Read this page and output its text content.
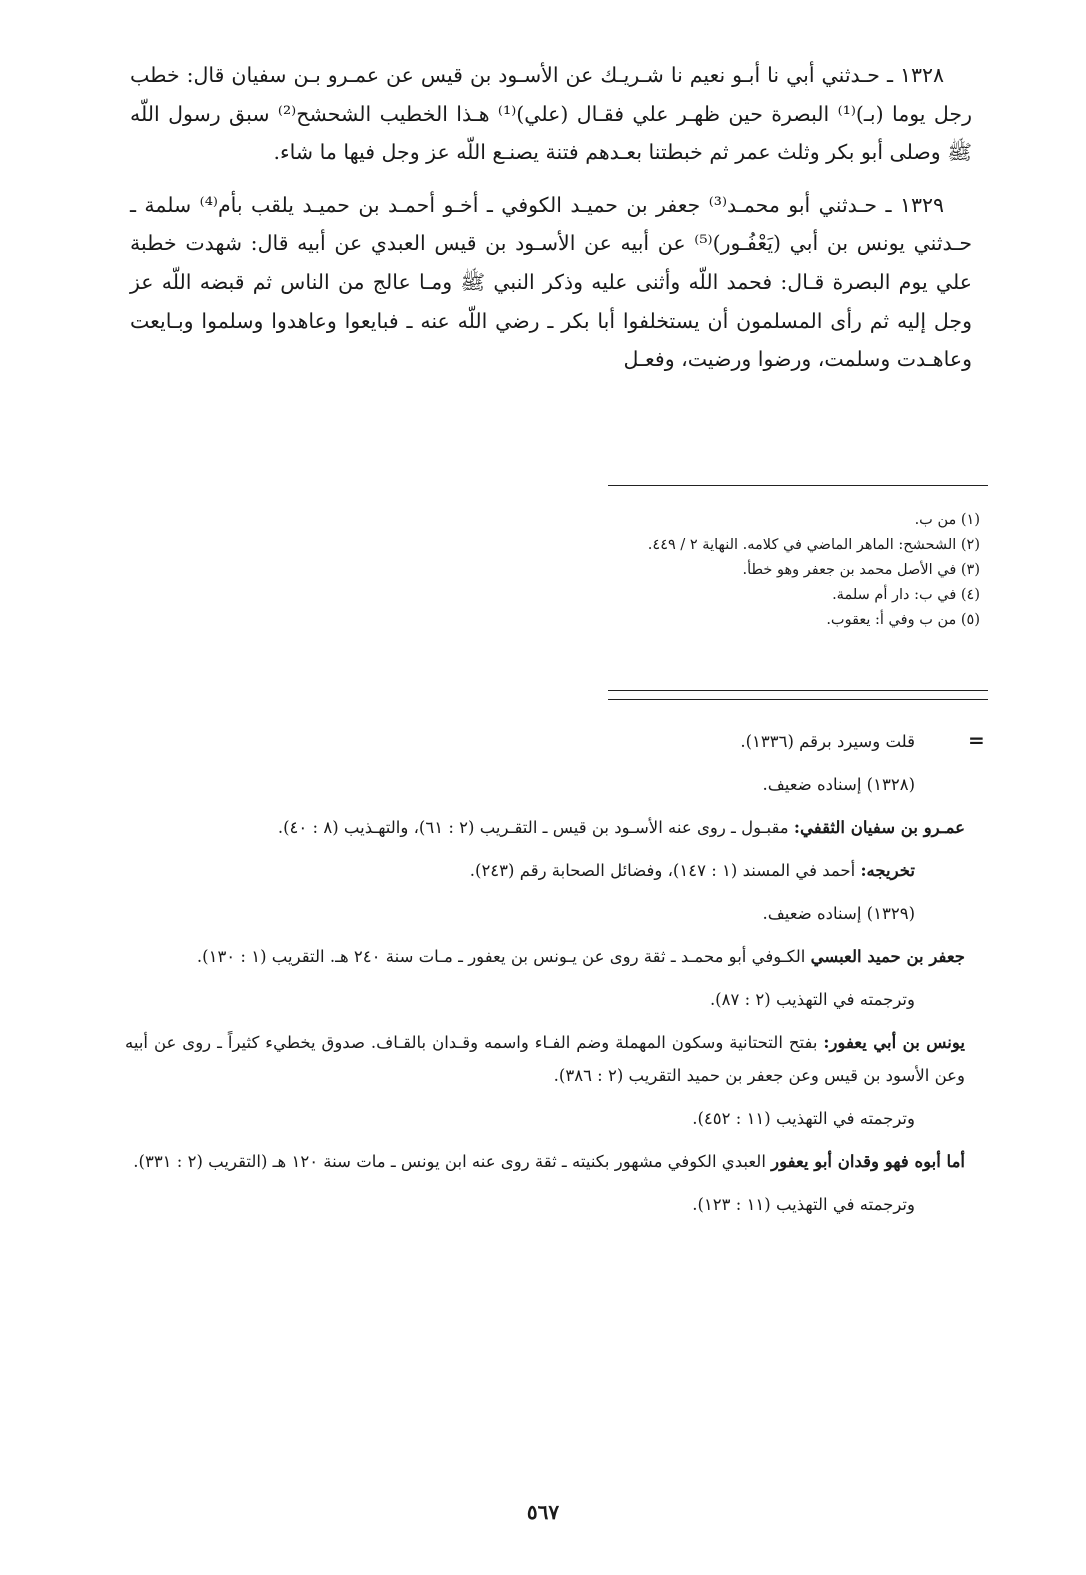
١٣٢٨ ـ حـدثني أبي نا أبـو نعيم نا شـريـك عن الأسـود بن قيس عن عمـرو بـن سفيان قال: خطب رجل يوما (بـ)⁽¹⁾ البصرة حين ظهـر علي فقـال (علي)⁽¹⁾ هـذا الخطيب الشحشح⁽²⁾ سبق رسول اللّه ﷺ وصلى أبو بكر وثلث عمر ثم خبطتنا بعـدهم فتنة يصنـع اللّه عز وجل فيها ما شاء.

١٣٢٩ ـ حـدثني أبو محمـد⁽³⁾ جعفر بن حميـد الكوفي ـ أخـو أحمـد بن حميـد يلقب بأم⁽⁴⁾ سلمة ـ حـدثني يونس بن أبي (يَعْفُـور)⁽⁵⁾ عن أبيه عن الأسـود بن قيس العبدي عن أبيه قال: شهدت خطبة علي يوم البصرة قـال: فحمد اللّه وأثنى عليه وذكر النبي ﷺ ومـا عالج من الناس ثم قبضه اللّه عز وجل إليه ثم رأى المسلمون أن يستخلفوا أبا بكر ـ رضي اللّه عنه ـ فبايعوا وعاهدوا وسلموا وبـايعت وعاهـدت وسلمت، ورضوا ورضيت، وفعـل

(١) من ب.
(٢) الشحشح: الماهر الماضي في كلامه. النهاية ٢ / ٤٤٩.
(٣) في الأصل محمد بن جعفر وهو خطأ.
(٤) في ب: دار أم سلمة.
(٥) من ب وفي أ: يعقوب.
=

قلت وسيرد برقم (١٣٣٦).

(١٣٢٨) إسناده ضعيف.

عمـرو بن سفيان الثقفي: مقبـول ـ روى عنه الأسـود بن قيس ـ التقـريب (٢ : ٦١)، والتهـذيب (٨ : ٤٠).

تخريجه: أحمد في المسند (١ : ١٤٧)، وفضائل الصحابة رقم (٢٤٣).

(١٣٢٩) إسناده ضعيف.

جعفر بن حميد العبسي الكـوفي أبو محمـد ـ ثقة روى عن يـونس بن يعفور ـ مـات سنة ٢٤٠ هـ. التقريب (١ : ١٣٠).

وترجمته في التهذيب (٢ : ٨٧).

يونس بن أبي يعفور: بفتح التحتانية وسكون المهملة وضم الفـاء واسمه وقـدان بالقـاف. صدوق يخطيء كثيراً ـ روى عن أبيه وعن الأسود بن قيس وعن جعفر بن حميد التقريب (٢ : ٣٨٦).

وترجمته في التهذيب (١١ : ٤٥٢).

أما أبوه فهو وقدان أبو يعفور العبدي الكوفي مشهور بكنيته ـ ثقة روى عنه ابن يونس ـ مات سنة ١٢٠ هـ (التقريب (٢ : ٣٣١).

وترجمته في التهذيب (١١ : ١٢٣).

٥٦٧
